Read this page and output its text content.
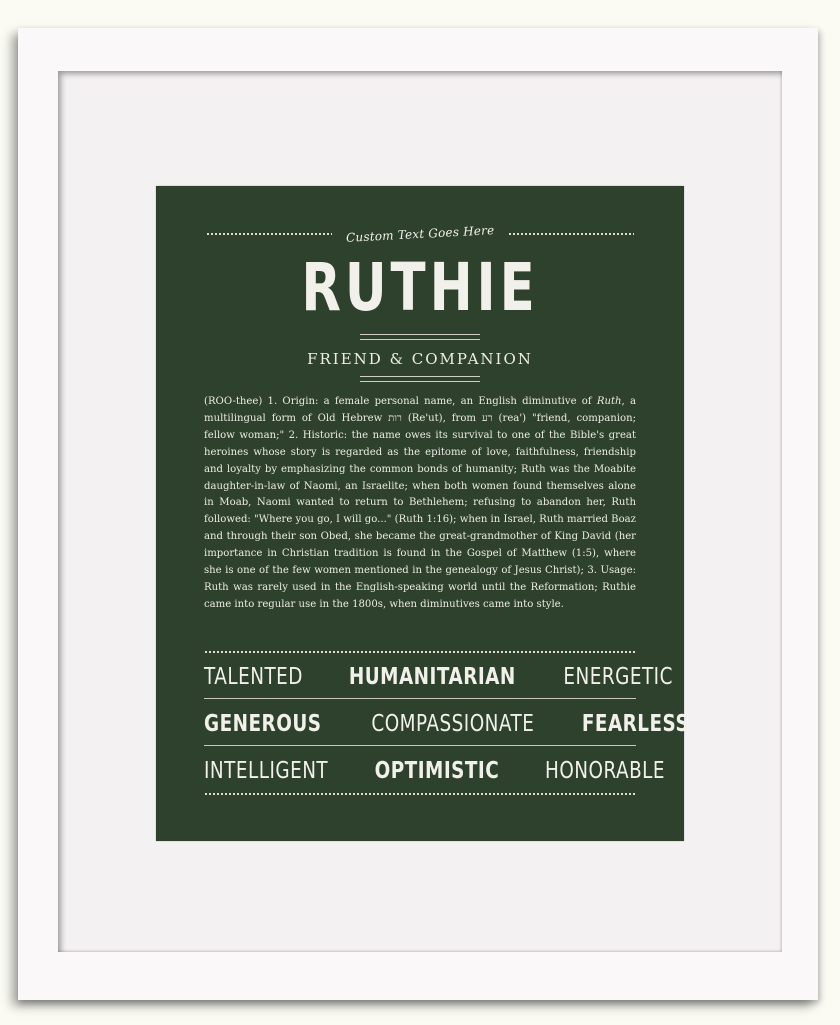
Custom Text Goes Here
RUTHIE
FRIEND & COMPANION
(ROO-thee) 1. Origin: a female personal name, an English diminutive of Ruth, a multilingual form of Old Hebrew רות (Re'ut), from רע (rea') "friend, companion; fellow woman;" 2. Historic: the name owes its survival to one of the Bible's great heroines whose story is regarded as the epitome of love, faithfulness, friendship and loyalty by emphasizing the common bonds of humanity; Ruth was the Moabite daughter-in-law of Naomi, an Israelite; when both women found themselves alone in Moab, Naomi wanted to return to Bethlehem; refusing to abandon her, Ruth followed: "Where you go, I will go..." (Ruth 1:16); when in Israel, Ruth married Boaz and through their son Obed, she became the great-grandmother of King David (her importance in Christian tradition is found in the Gospel of Matthew (1:5), where she is one of the few women mentioned in the genealogy of Jesus Christ); 3. Usage: Ruth was rarely used in the English-speaking world until the Reformation; Ruthie came into regular use in the 1800s, when diminutives came into style.
TALENTED HUMANITARIAN ENERGETIC
GENEROUS COMPASSIONATE FEARLESS
INTELLIGENT OPTIMISTIC HONORABLE
